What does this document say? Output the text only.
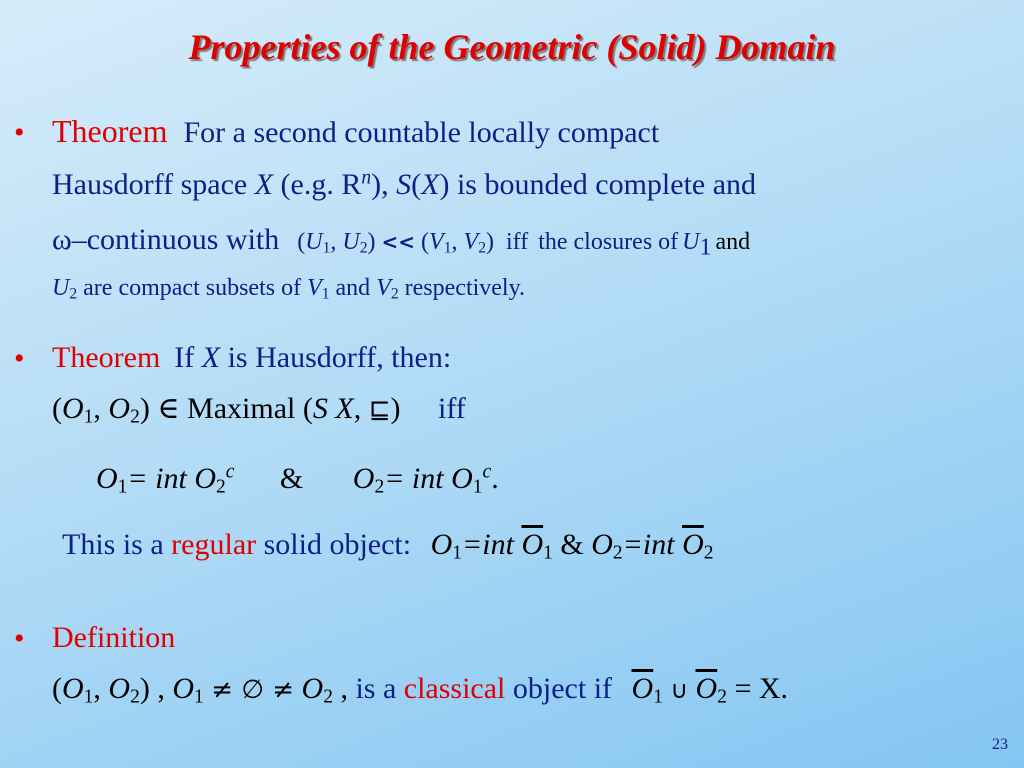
Properties of the Geometric (Solid) Domain
• Theorem For a second countable locally compact
Hausdorff space X (e.g. $R^n$), S(X) is bounded complete and
ω–continuous with ($U_1$, $U_2) << (V_1$, $V_2$) iff the closures of $U_1$ and
$U_2$ are compact subsets of $V_1$ and $V_2$ respectively.
• Theorem If X is Hausdorff, then:
($O_1$, $O_2$) ∈ Maximal (S X, ⊑) iff
$O_1=$ int $O_2^c$ & $O_2=$ int $O_1^c$.
This is a regular solid object: $O_1=int$ $\overline{O}_1$ & $O_2=int$ $\overline{O}_2$
• Definition
($O_1$, $O_2$) , $O_1$ ≠ ∅ ≠ $O_2$ , is a classical object if $\overline{O}_1$ ∪ $\overline{O}_2 = X$.
23
